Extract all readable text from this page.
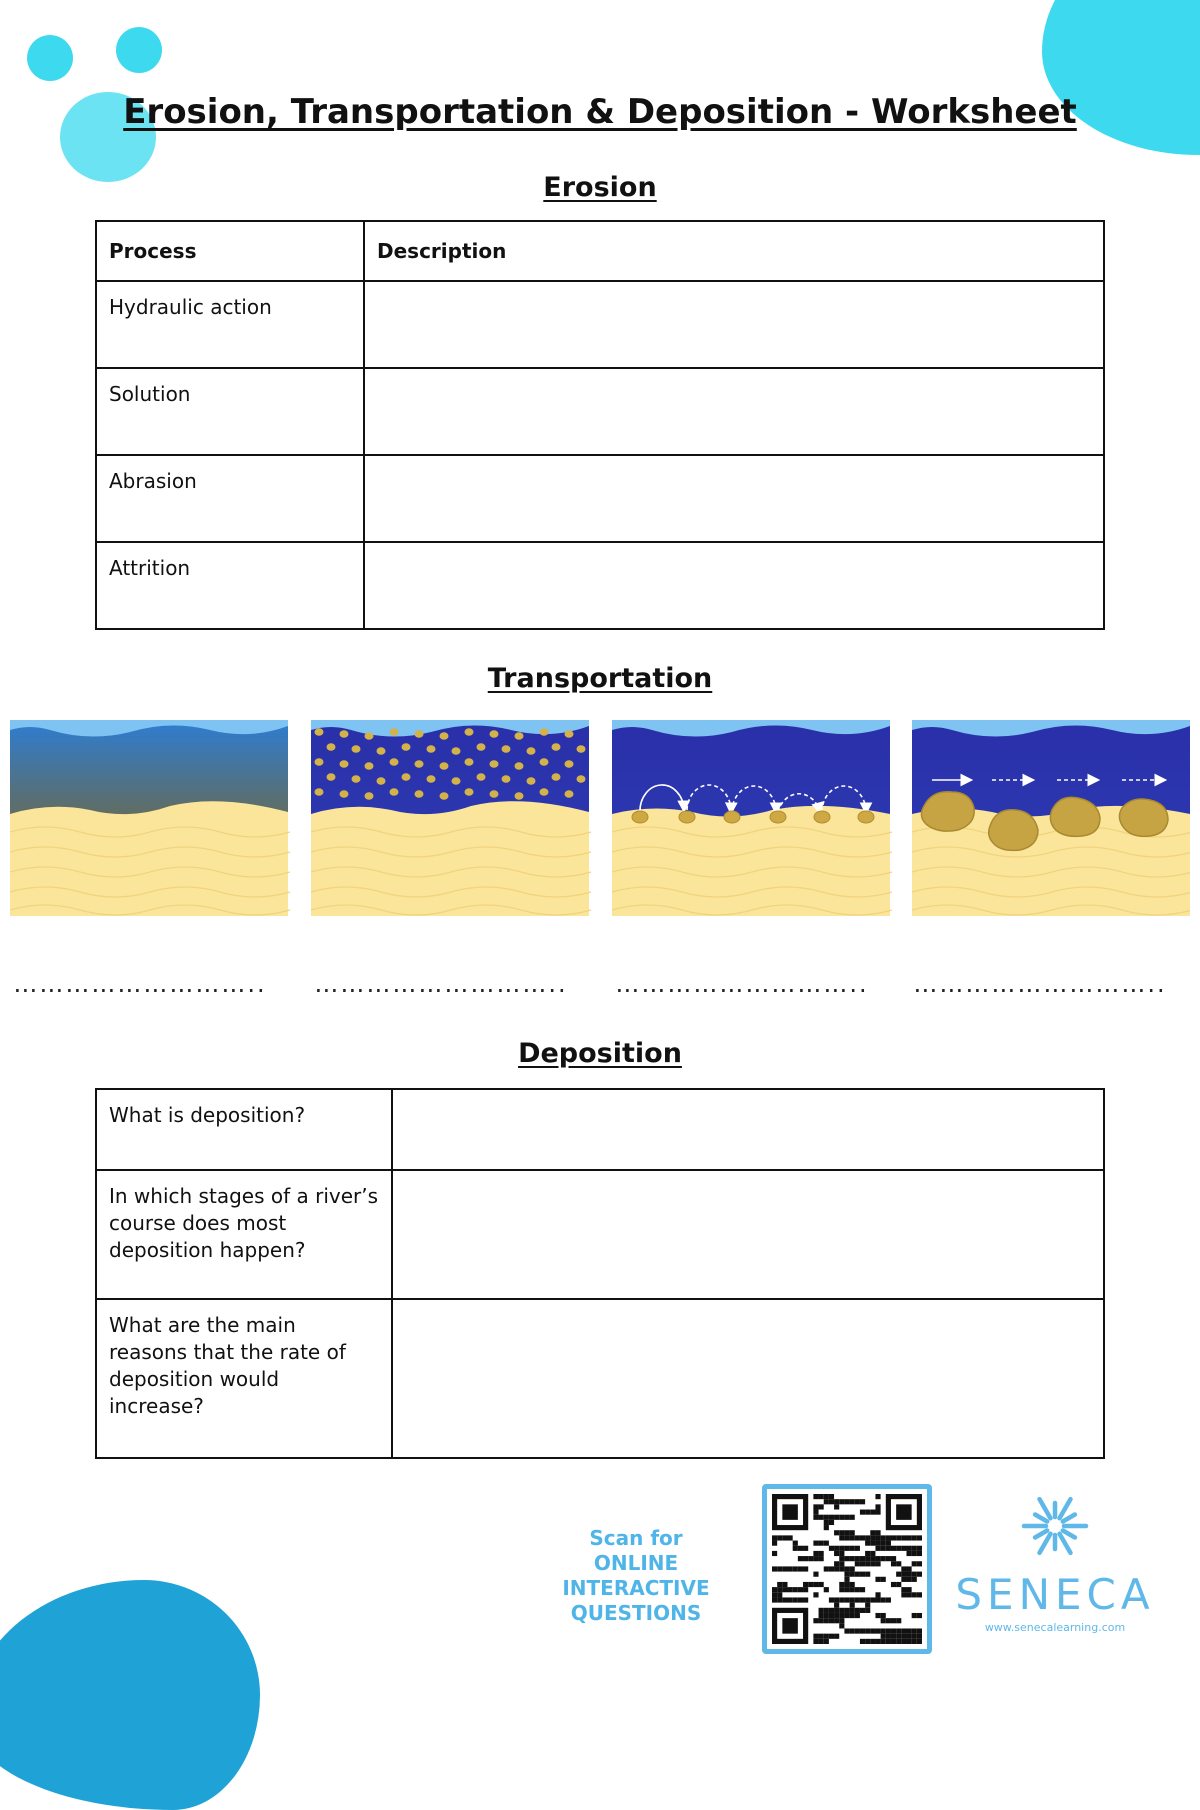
Erosion, Transportation & Deposition - Worksheet
Erosion
Process	Description
Hydraulic action	
Solution	
Abrasion	
Attrition	
Transportation
……………………….. ……………………….. ……………………….. ………………………..
Deposition
What is deposition?	
In which stages of a river’s course does most deposition happen?	
What are the main reasons that the rate of deposition would increase?	
Scan for ONLINE INTERACTIVE QUESTIONS	SENECA
www.senecalearning.com
